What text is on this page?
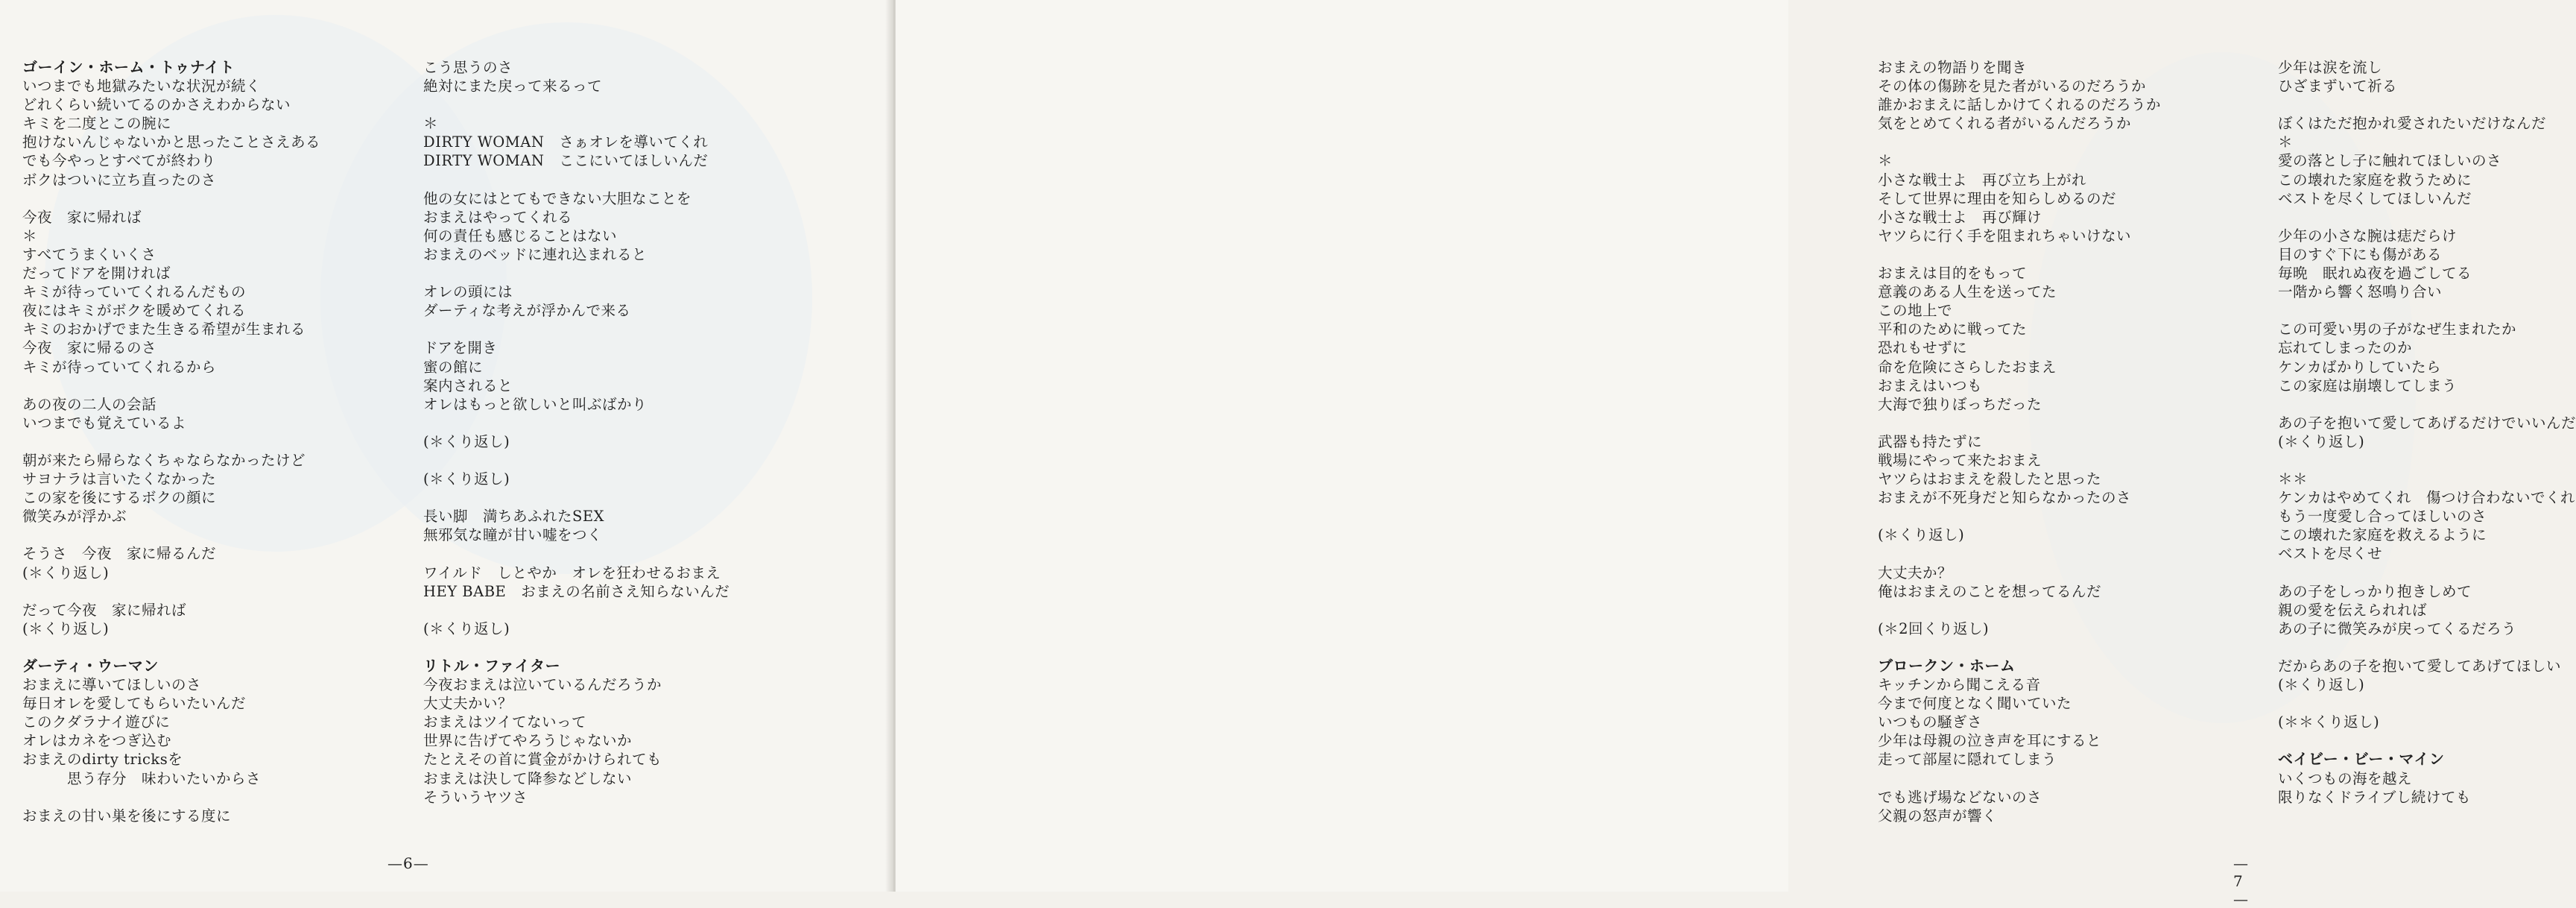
ゴーイン・ホーム・トゥナイト
いつまでも地獄みたいな状況が続く
どれくらい続いてるのかさえわからない
キミを二度とこの腕に
抱けないんじゃないかと思ったことさえある
でも今やっとすべてが終わり
ボクはついに立ち直ったのさ
今夜　家に帰れば
＊
すべてうまくいくさ
だってドアを開ければ
キミが待っていてくれるんだもの
夜にはキミがボクを暖めてくれる
キミのおかげでまた生きる希望が生まれる
今夜　家に帰るのさ
キミが待っていてくれるから
あの夜の二人の会話
いつまでも覚えているよ
朝が来たら帰らなくちゃならなかったけど
サヨナラは言いたくなかった
この家を後にするボクの顔に
微笑みが浮かぶ
そうさ　今夜　家に帰るんだ
(＊くり返し)
だって今夜　家に帰れば
(＊くり返し)
ダーティ・ウーマン
おまえに導いてほしいのさ
毎日オレを愛してもらいたいんだ
このクダラナイ遊びに
オレはカネをつぎ込む
おまえのdirty tricksを
　　　思う存分　味わいたいからさ
おまえの甘い巣を後にする度に
こう思うのさ
絶対にまた戻って来るって
＊
DIRTY WOMAN　さぁオレを導いてくれ
DIRTY WOMAN　ここにいてほしいんだ
他の女にはとてもできない大胆なことを
おまえはやってくれる
何の責任も感じることはない
おまえのベッドに連れ込まれると
オレの頭には
ダーティな考えが浮かんで来る
ドアを開き
蜜の館に
案内されると
オレはもっと欲しいと叫ぶばかり
(＊くり返し)
(＊くり返し)
長い脚　満ちあふれたSEX
無邪気な瞳が甘い嘘をつく
ワイルド　しとやか　オレを狂わせるおまえ
HEY BABE　おまえの名前さえ知らないんだ
(＊くり返し)
リトル・ファイター
今夜おまえは泣いているんだろうか
大丈夫かい？
おまえはツイてないって
世界に告げてやろうじゃないか
たとえその首に賞金がかけられても
おまえは決して降参などしない
そういうヤツさ
—6—
おまえの物語りを聞き
その体の傷跡を見た者がいるのだろうか
誰かおまえに話しかけてくれるのだろうか
気をとめてくれる者がいるんだろうか
＊
小さな戦士よ　再び立ち上がれ
そして世界に理由を知らしめるのだ
小さな戦士よ　再び輝け
ヤツらに行く手を阻まれちゃいけない
おまえは目的をもって
意義のある人生を送ってた
この地上で
平和のために戦ってた
恐れもせずに
命を危険にさらしたおまえ
おまえはいつも
大海で独りぼっちだった
武器も持たずに
戦場にやって来たおまえ
ヤツらはおまえを殺したと思った
おまえが不死身だと知らなかったのさ
(＊くり返し)
大丈夫か？
俺はおまえのことを想ってるんだ
(＊2回くり返し)
ブロークン・ホーム
キッチンから聞こえる音
今まで何度となく聞いていた
いつもの騒ぎさ
少年は母親の泣き声を耳にすると
走って部屋に隠れてしまう
でも逃げ場などないのさ
父親の怒声が響く
少年は涙を流し
ひざまずいて祈る
ぼくはただ抱かれ愛されたいだけなんだ
＊
愛の落とし子に触れてほしいのさ
この壊れた家庭を救うために
ベストを尽くしてほしいんだ
少年の小さな腕は痣だらけ
目のすぐ下にも傷がある
毎晩　眠れぬ夜を過ごしてる
一階から響く怒鳴り合い
この可愛い男の子がなぜ生まれたか
忘れてしまったのか
ケンカばかりしていたら
この家庭は崩壊してしまう
あの子を抱いて愛してあげるだけでいいんだ
(＊くり返し)
＊＊
ケンカはやめてくれ　傷つけ合わないでくれ
もう一度愛し合ってほしいのさ
この壊れた家庭を救えるように
ベストを尽くせ
あの子をしっかり抱きしめて
親の愛を伝えられれば
あの子に微笑みが戻ってくるだろう
だからあの子を抱いて愛してあげてほしい
(＊くり返し)
(＊＊くり返し)
ベイビー・ビー・マイン
いくつもの海を越え
限りなくドライブし続けても
—7—
